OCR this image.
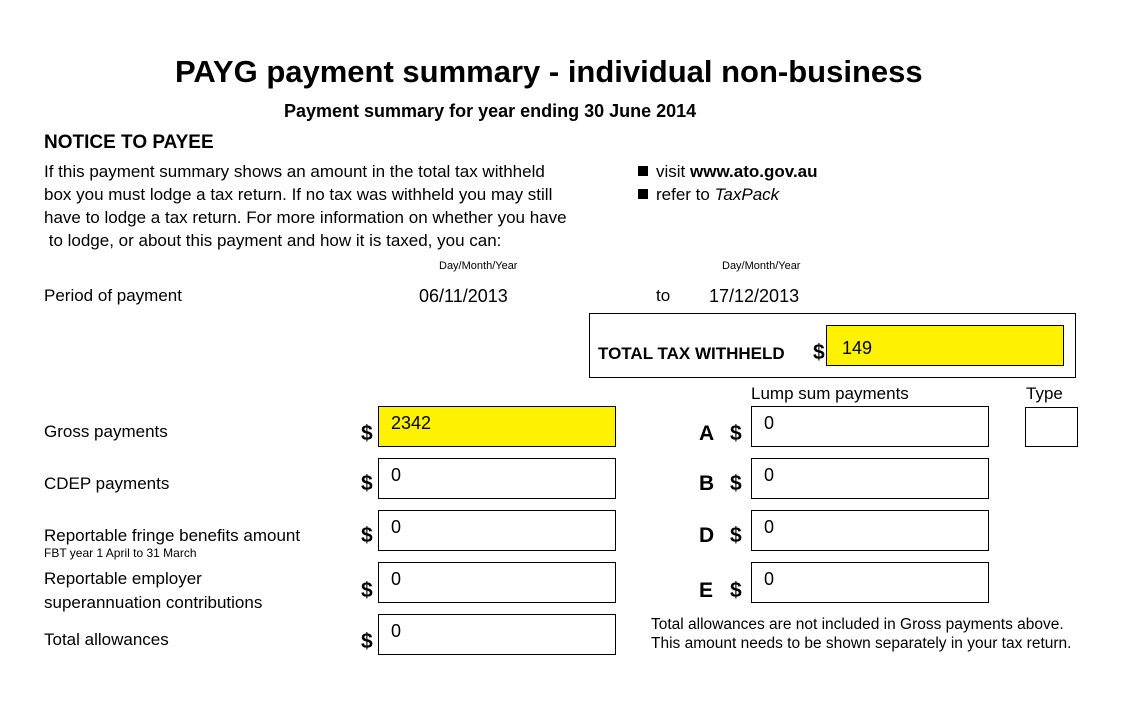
PAYG payment summary - individual non-business
Payment summary for year ending 30 June 2014
NOTICE TO PAYEE
If this payment summary shows an amount in the total tax withheld
box you must lodge a tax return. If no tax was withheld you may still
have to lodge a tax return. For more information on whether you have
to lodge, or about this payment and how it is taxed, you can:
visit www.ato.gov.au
refer to TaxPack
Day/Month/Year	Day/Month/Year
Period of payment	06/11/2013	to 17/12/2013
TOTAL TAX WITHHELD $ 149
Lump sum payments	Type
Gross payments	$	2342	A $	0
CDEP payments	$	0	B $	0
Reportable fringe benefits amount
FBT year 1 April to 31 March
$	0	D $	0
Reportable employer
superannuation contributions
$	0	E $	0
Total allowances	$	0	Total allowances are not included in Gross payments above.
This amount needs to be shown separately in your tax return.
